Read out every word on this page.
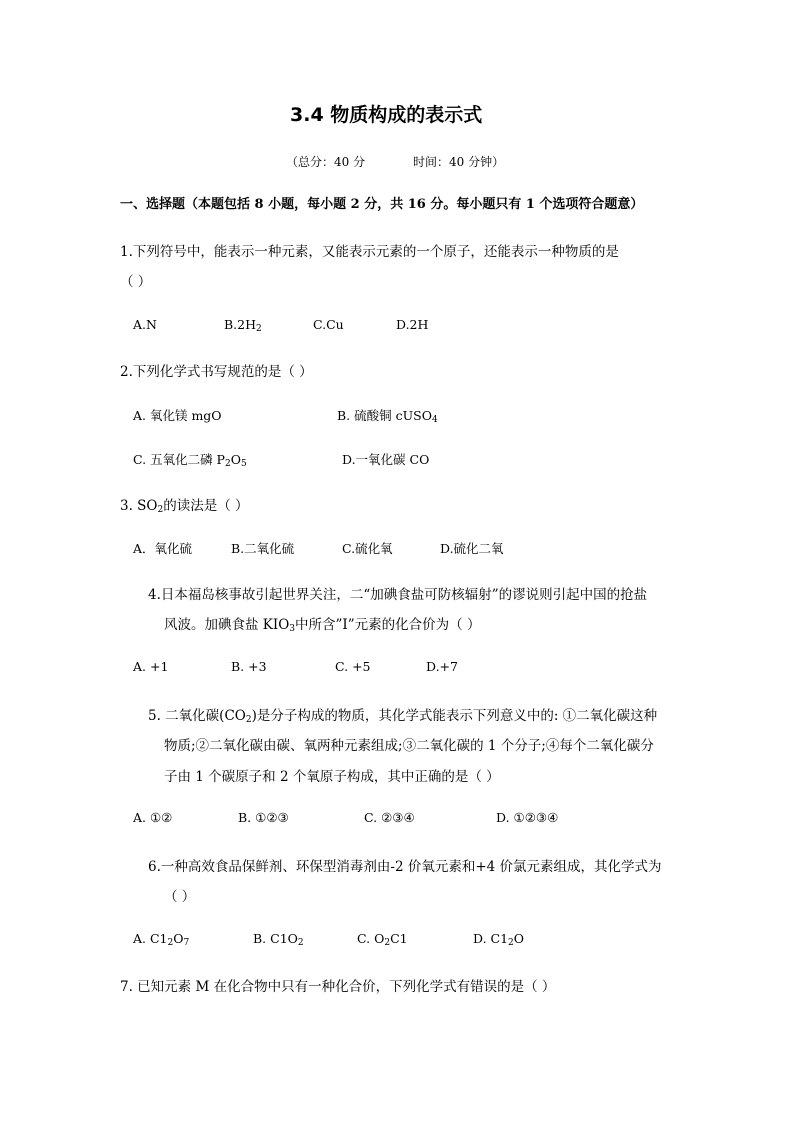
3.4 物质构成的表示式
（总分：40 分	时间：40 分钟）
一、选择题（本题包括 8 小题，每小题 2 分，共 16 分。每小题只有 1 个选项符合题意）
1.下列符号中，能表示一种元素，又能表示元素的一个原子，还能表示一种物质的是
（ ）
A.N	$B.2H_2$	C.Cu	D.2H
2.下列化学式书写规范的是（ ）
A. 氧化镁 mgO	B. 硫酸铜 cUSO$_4$
C. 五氧化二磷 $P_2O_5$	D.一氧化碳 CO
3. $SO_2$的读法是（ ）
A．氧化硫	B.二氧化硫	C.硫化氧	D.硫化二氧
4.日本福岛核事故引起世界关注，二“加碘食盐可防核辐射”的谬说则引起中国的抢盐
风波。加碘食盐 $KIO_3$中所含”I”元素的化合价为（ ）
A. +1	B. +3	C. +5	D.+7
5. 二氧化碳$(CO_2)$是分子构成的物质，其化学式能表示下列意义中的: ①二氧化碳这种
物质;②二氧化碳由碳、氧两种元素组成;③二氧化碳的 1 个分子;④每个二氧化碳分
子由 1 个碳原子和 2 个氧原子构成，其中正确的是（ ）
A. ①②	B. ①②③	C. ②③④	D. ①②③④
6.一种高效食品保鲜剂、环保型消毒剂由-2 价氧元素和+4 价氯元素组成，其化学式为
（ ）
A. $C1_2O_7$	B. $C1O_2$	C. $O_2C1$	D. $C1_2O$
7. 已知元素 M 在化合物中只有一种化合价，下列化学式有错误的是（ ）
